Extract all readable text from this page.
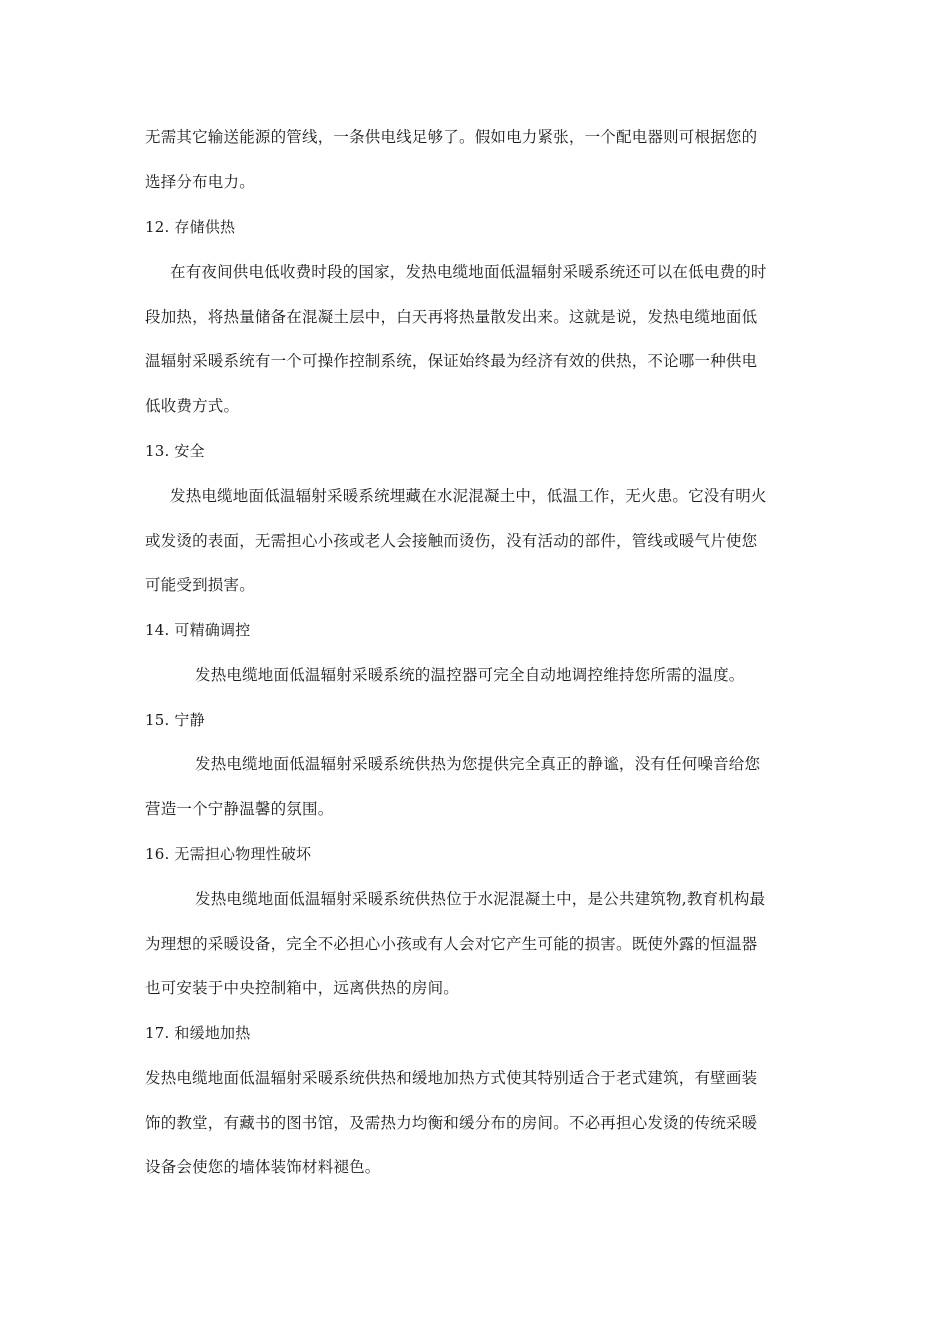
无需其它输送能源的管线，一条供电线足够了。假如电力紧张，一个配电器则可根据您的
选择分布电力。
12. 存储供热
在有夜间供电低收费时段的国家，发热电缆地面低温辐射采暖系统还可以在低电费的时
段加热，将热量储备在混凝土层中，白天再将热量散发出来。这就是说，发热电缆地面低
温辐射采暖系统有一个可操作控制系统，保证始终最为经济有效的供热，不论哪一种供电
低收费方式。
13. 安全
发热电缆地面低温辐射采暖系统埋藏在水泥混凝土中，低温工作，无火患。它没有明火
或发烫的表面，无需担心小孩或老人会接触而烫伤，没有活动的部件，管线或暖气片使您
可能受到损害。
14. 可精确调控
发热电缆地面低温辐射采暖系统的温控器可完全自动地调控维持您所需的温度。
15. 宁静
发热电缆地面低温辐射采暖系统供热为您提供完全真正的静谧，没有任何噪音给您
营造一个宁静温馨的氛围。
16. 无需担心物理性破坏
发热电缆地面低温辐射采暖系统供热位于水泥混凝土中，是公共建筑物,教育机构最
为理想的采暖设备，完全不必担心小孩或有人会对它产生可能的损害。既使外露的恒温器
也可安装于中央控制箱中，远离供热的房间。
17. 和缓地加热
发热电缆地面低温辐射采暖系统供热和缓地加热方式使其特别适合于老式建筑，有壁画装
饰的教堂，有藏书的图书馆，及需热力均衡和缓分布的房间。不必再担心发烫的传统采暖
设备会使您的墙体装饰材料褪色。
